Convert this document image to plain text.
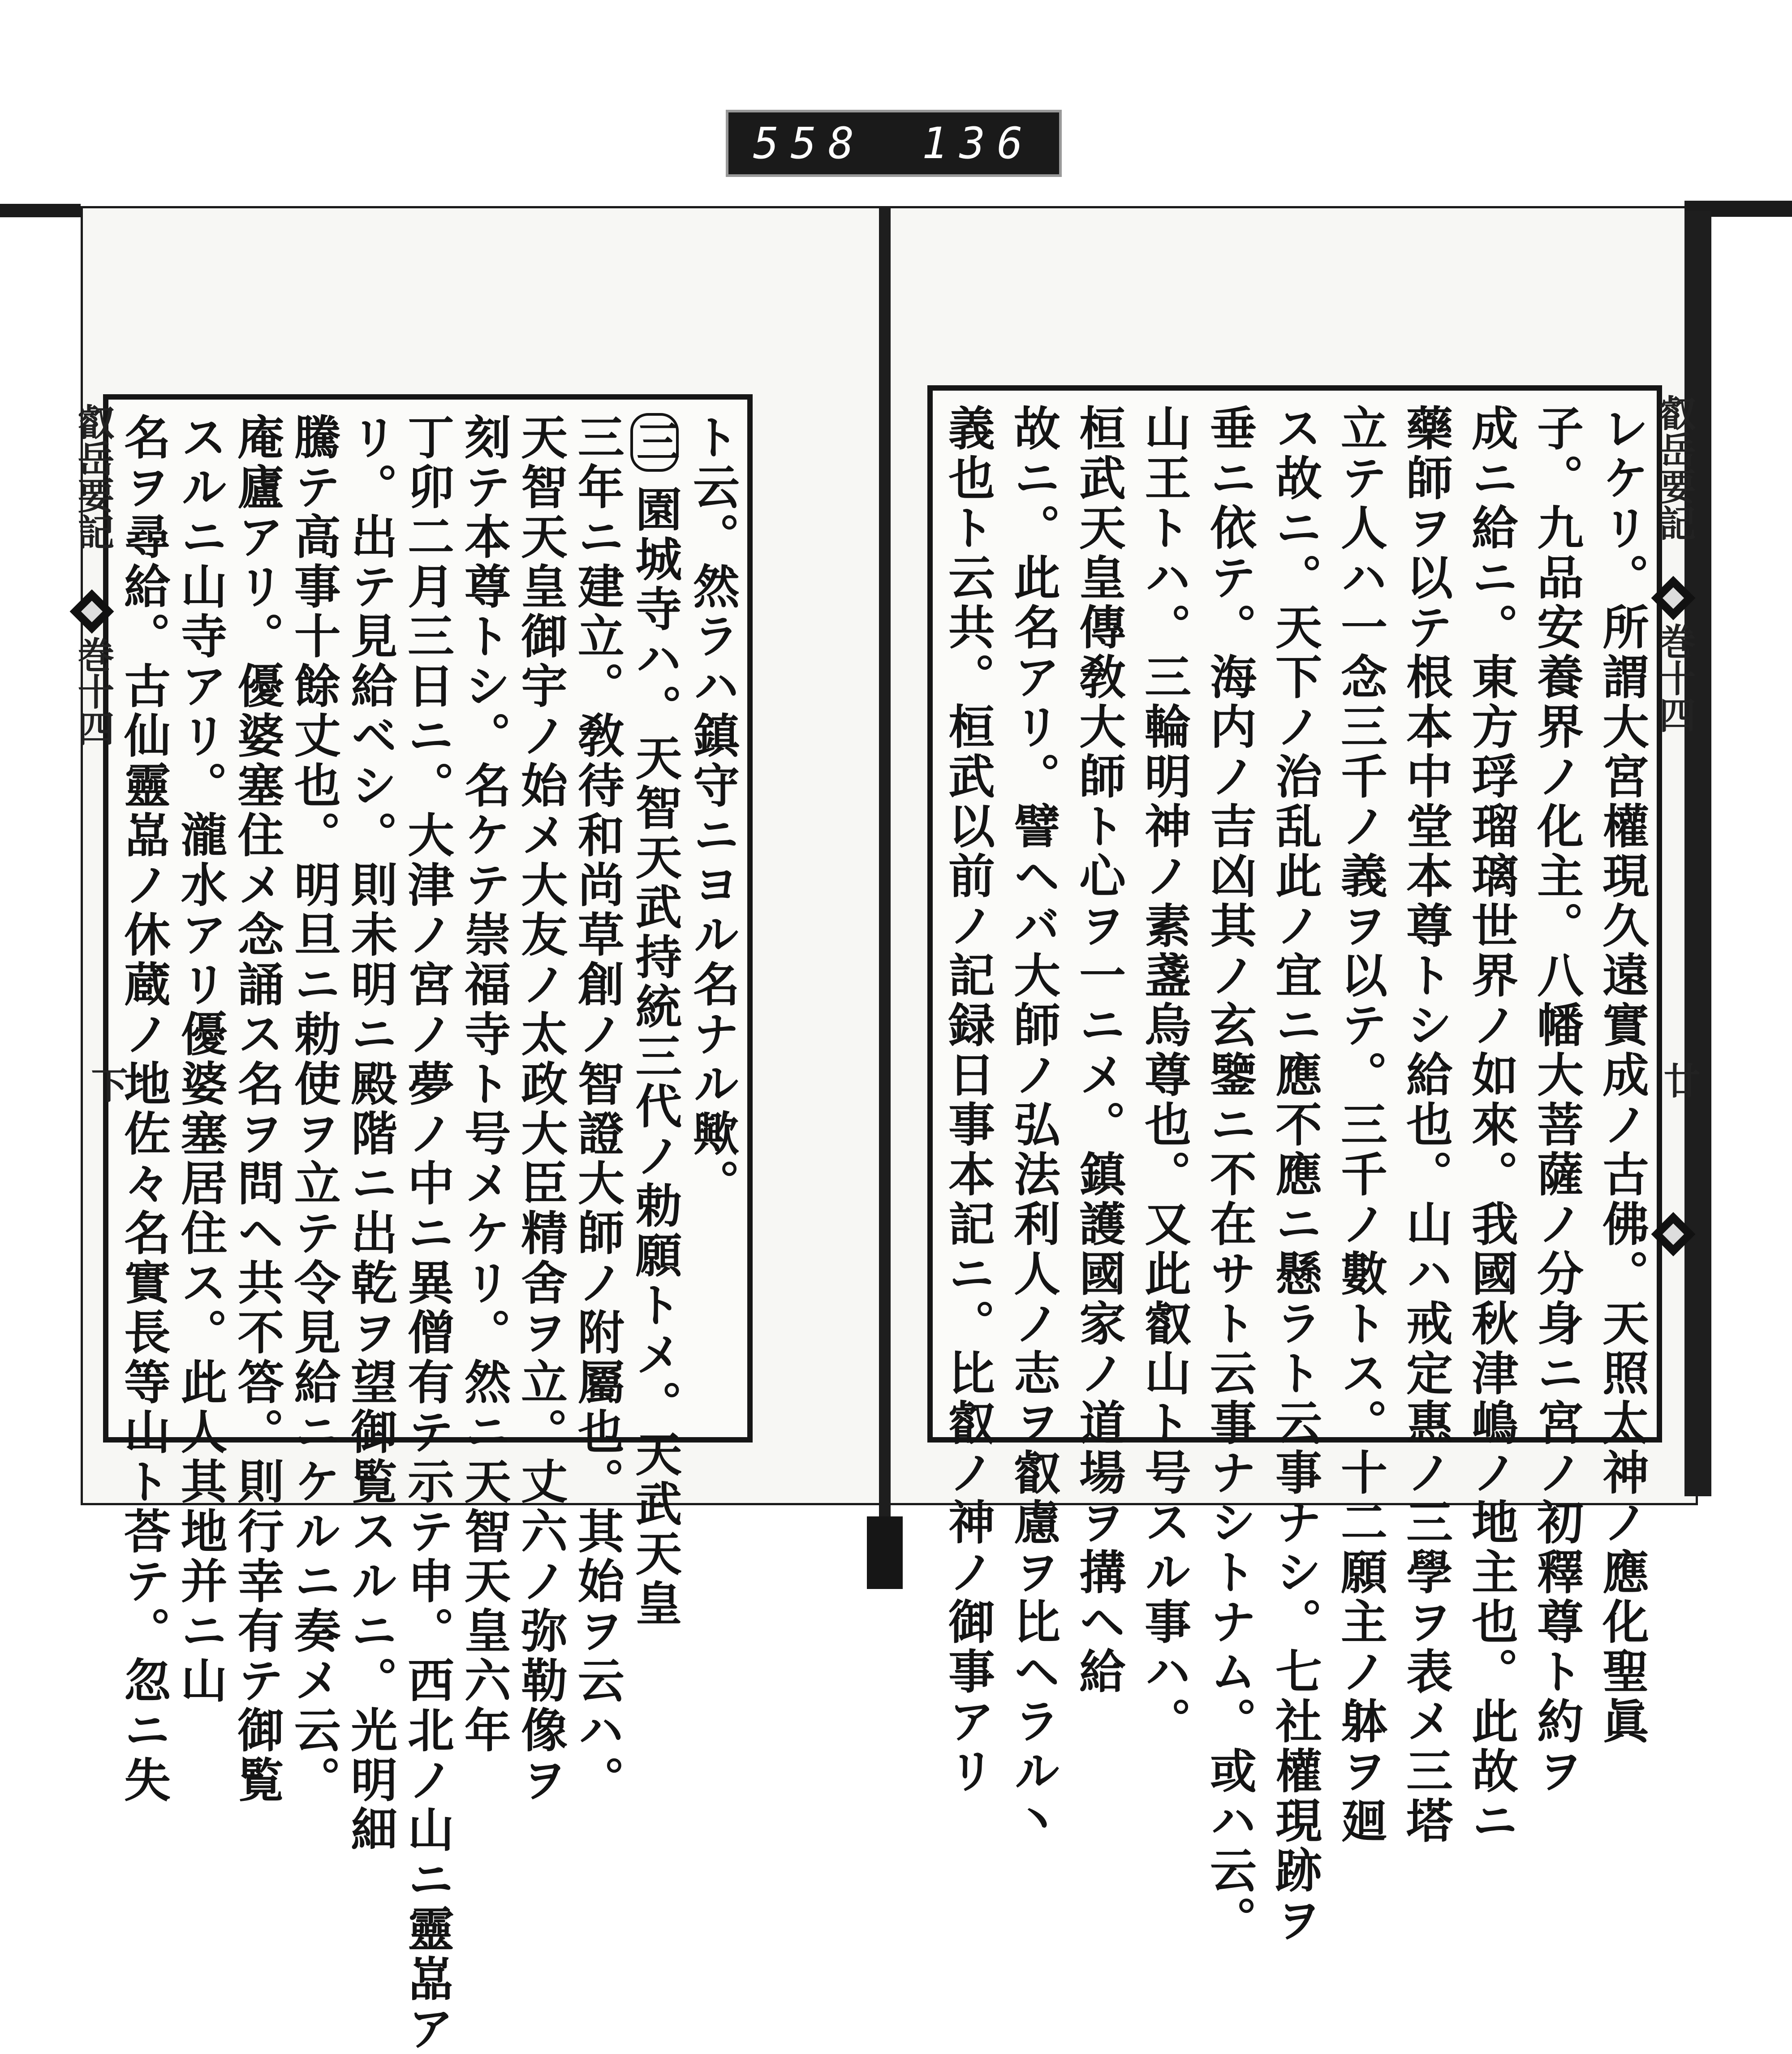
558 136
ト云。然ラハ鎮守ニヨル名ナル歟。
三園城寺ハ。天智天武持統三代ノ勅願トメ。天武天皇
三年ニ建立。敎待和尚草創ノ智證大師ノ附屬也。其始ヲ云ハ。
天智天皇御宇ノ始メ大友ノ太政大臣精舍ヲ立。丈六ノ弥勒像ヲ
刻テ本尊トシ。名ケテ崇福寺ト号メケリ。然ニ天智天皇六年
丁卯二月三日ニ。大津ノ宮ノ夢ノ中ニ異僧有テ示テ申。西北ノ山ニ靈嵓ア
リ。出テ見給ベシ。則未明ニ殿階ニ出乾ヲ望御覧スルニ。光明細
騰テ高事十餘丈也。明旦ニ勅使ヲ立テ令見給ニケルニ奏メ云。
庵廬アリ。優婆塞住メ念誦ス名ヲ問ヘ共不答。則行幸有テ御覧
スルニ山寺アリ。瀧水アリ優婆塞居住ス。此人其地并ニ山
名ヲ尋給。古仙靈嵓ノ休蔵ノ地佐々名實長等山ト荅テ。忽ニ失
叡岳要記
巻十四
下	レケリ。所謂大宮權現久遠實成ノ古佛。天照太神ノ應化聖眞
子。九品安養界ノ化主。八幡大菩薩ノ分身ニ宮ノ初釋尊ト約ヲ
成ニ給ニ。東方琈瑠璃世界ノ如來。我國秋津嶋ノ地主也。此故ニ
藥師ヲ以テ根本中堂本尊トシ給也。山ハ戒定惠ノ三學ヲ表メ三塔
立テ人ハ一念三千ノ義ヲ以テ。三千ノ數トス。十二願主ノ躰ヲ廻
ス故ニ。天下ノ治乱此ノ宜ニ應不應ニ懸ラト云事ナシ。七社權現跡ヲ
垂ニ依テ。海内ノ吉凶其ノ玄鑒ニ不在サト云事ナシトナム。或ハ云。
山王トハ。三輪明神ノ素盞烏尊也。又此叡山ト号スル事ハ。
桓武天皇傳敎大師ト心ヲ一ニメ。鎮護國家ノ道場ヲ搆ヘ給
故ニ。此名アリ。譬ヘバ大師ノ弘法利人ノ志ヲ叡慮ヲ比ヘラル丶
義也ト云共。桓武以前ノ記録日事本記ニ。比叡ノ神ノ御事アリ	叡岳要記
巻十四
廿
